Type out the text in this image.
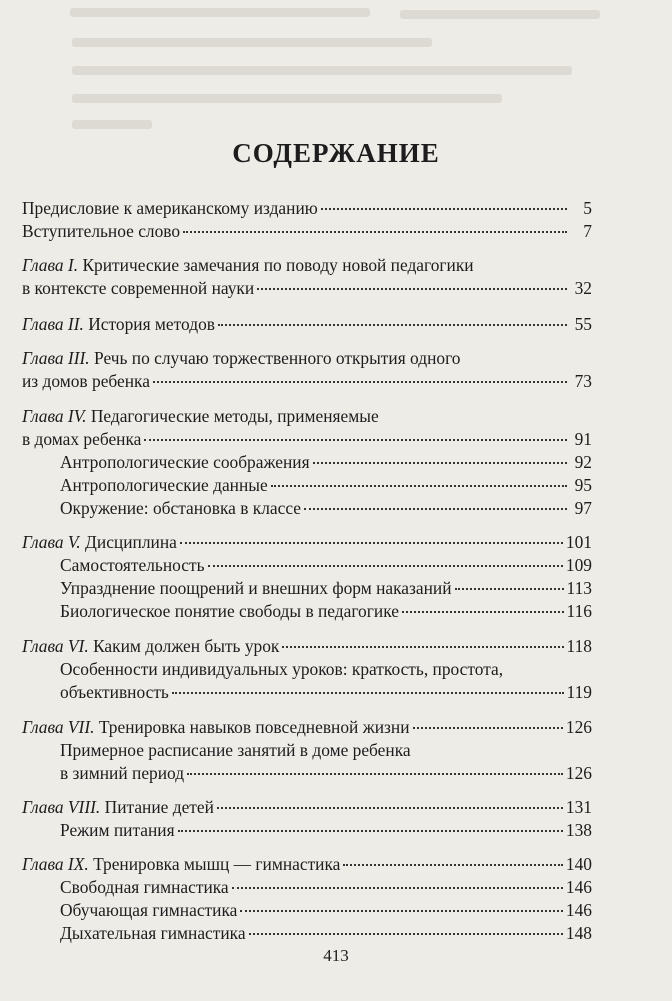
СОДЕРЖАНИЕ
Предисловие к американскому изданию	5
Вступительное слово	7
Глава I. Критические замечания по поводу новой педагогики
в контексте современной науки	32
Глава II. История методов	55
Глава III. Речь по случаю торжественного открытия одного
из домов ребенка	73
Глава IV. Педагогические методы, применяемые
в домах ребенка	91
Антропологические соображения	92
Антропологические данные	95
Окружение: обстановка в классе	97
Глава V. Дисциплина	101
Самостоятельность	109
Упразднение поощрений и внешних форм наказаний	113
Биологическое понятие свободы в педагогике	116
Глава VI. Каким должен быть урок	118
Особенности индивидуальных уроков: краткость, простота,
объективность	119
Глава VII. Тренировка навыков повседневной жизни	126
Примерное расписание занятий в доме ребенка
в зимний период	126
Глава VIII. Питание детей	131
Режим питания	138
Глава IX. Тренировка мышц — гимнастика	140
Свободная гимнастика	146
Обучающая гимнастика	146
Дыхательная гимнастика	148
413
